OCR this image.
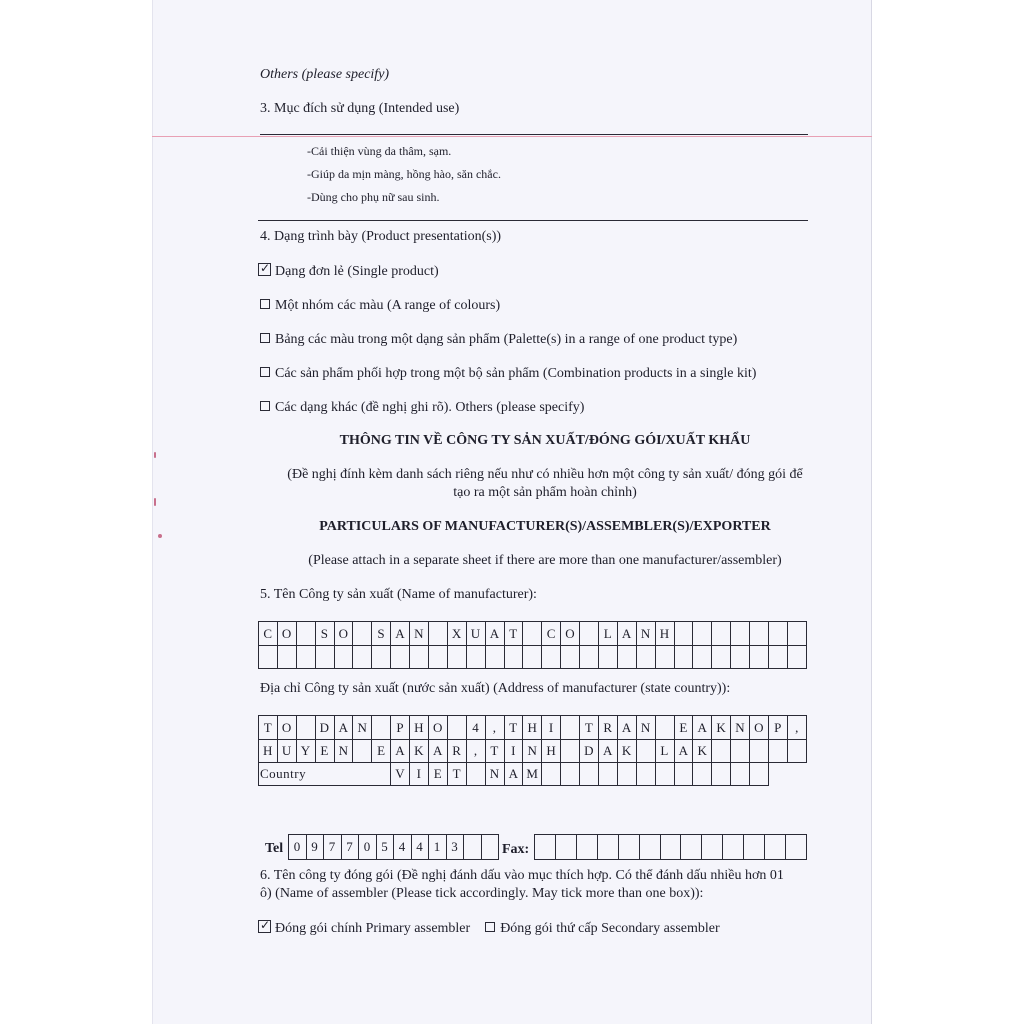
Others (please specify)
3. Mục đích sử dụng (Intended use)
-Cải thiện vùng da thâm, sạm.
-Giúp da mịn màng, hồng hào, săn chắc.
-Dùng cho phụ nữ sau sinh.
4. Dạng trình bày (Product presentation(s))
✓ Dạng đơn lẻ (Single product)
Một nhóm các màu (A range of colours)
Bảng các màu trong một dạng sản phẩm (Palette(s) in a range of one product type)
Các sản phẩm phối hợp trong một bộ sản phẩm (Combination products in a single kit)
Các dạng khác (đề nghị ghi rõ). Others (please specify)
THÔNG TIN VỀ CÔNG TY SẢN XUẤT/ĐÓNG GÓI/XUẤT KHẨU
(Đề nghị đính kèm danh sách riêng nếu như có nhiều hơn một công ty sản xuất/ đóng gói để
tạo ra một sản phẩm hoàn chỉnh)
PARTICULARS OF MANUFACTURER(S)/ASSEMBLER(S)/EXPORTER
(Please attach in a separate sheet if there are more than one manufacturer/assembler)
5. Tên Công ty sản xuất (Name of manufacturer):
C	O		S	O		S	A	N		X	U	A	T		C	O		L	A	N	H							

Địa chỉ Công ty sản xuất (nước sản xuất) (Address of manufacturer (state country)):
T	O		D	A	N		P	H	O		4	,	T	H	I		T	R	A	N		E	A	K	N	O	P	,
H	U	Y	E	N		E	A	K	A	R	,	T	I	N	H		D	A	K		L	A	K					
Country							V	I	E	T		N	A	M														
Tel 0	9	7	7	0	5	4	4	1	3			Fax:

6. Tên công ty đóng gói (Đề nghị đánh dấu vào mục thích hợp. Có thể đánh dấu nhiều hơn 01
ô) (Name of assembler (Please tick accordingly. May tick more than one box)):
✓ Đóng gói chính Primary assembler Đóng gói thứ cấp Secondary assembler
